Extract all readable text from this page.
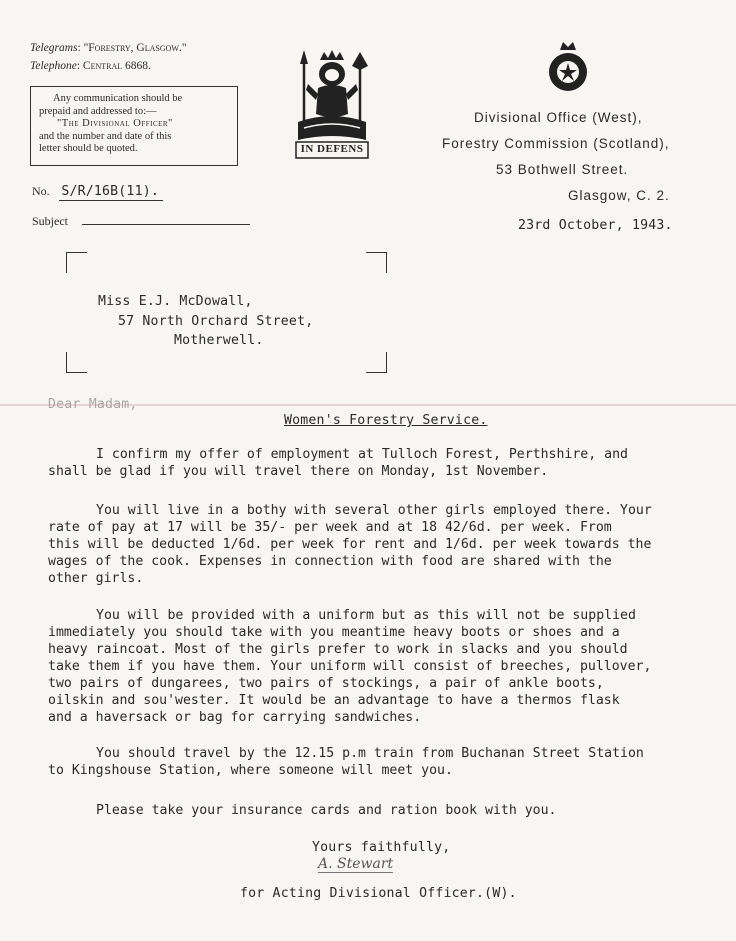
Telegrams: "Forestry, Glasgow."
Telephone: Central 6868.
Any communication should be
prepaid and addressed to:—
"The Divisional Officer"
and the number and date of this
letter should be quoted.	IN DEFENS
Divisional Office (West),
Forestry Commission (Scotland),
53 Bothwell Street.
Glasgow, C. 2.
No. S/R/16B(11).
Subject	23rd October, 1943.
Miss E.J. McDowall,
57 North Orchard Street,
Motherwell.
Dear Madam,
Women's Forestry Service.
I confirm my offer of employment at Tulloch Forest, Perthshire, and
shall be glad if you will travel there on Monday, 1st November.
You will live in a bothy with several other girls employed there. Your
rate of pay at 17 will be 35/- per week and at 18 42/6d. per week. From
this will be deducted 1/6d. per week for rent and 1/6d. per week towards the
wages of the cook. Expenses in connection with food are shared with the
other girls.
You will be provided with a uniform but as this will not be supplied
immediately you should take with you meantime heavy boots or shoes and a
heavy raincoat. Most of the girls prefer to work in slacks and you should
take them if you have them. Your uniform will consist of breeches, pullover,
two pairs of dungarees, two pairs of stockings, a pair of ankle boots,
oilskin and sou'wester. It would be an advantage to have a thermos flask
and a haversack or bag for carrying sandwiches.
You should travel by the 12.15 p.m train from Buchanan Street Station
to Kingshouse Station, where someone will meet you.
Please take your insurance cards and ration book with you.
Yours faithfully,
A. Stewart
for Acting Divisional Officer.(W).
